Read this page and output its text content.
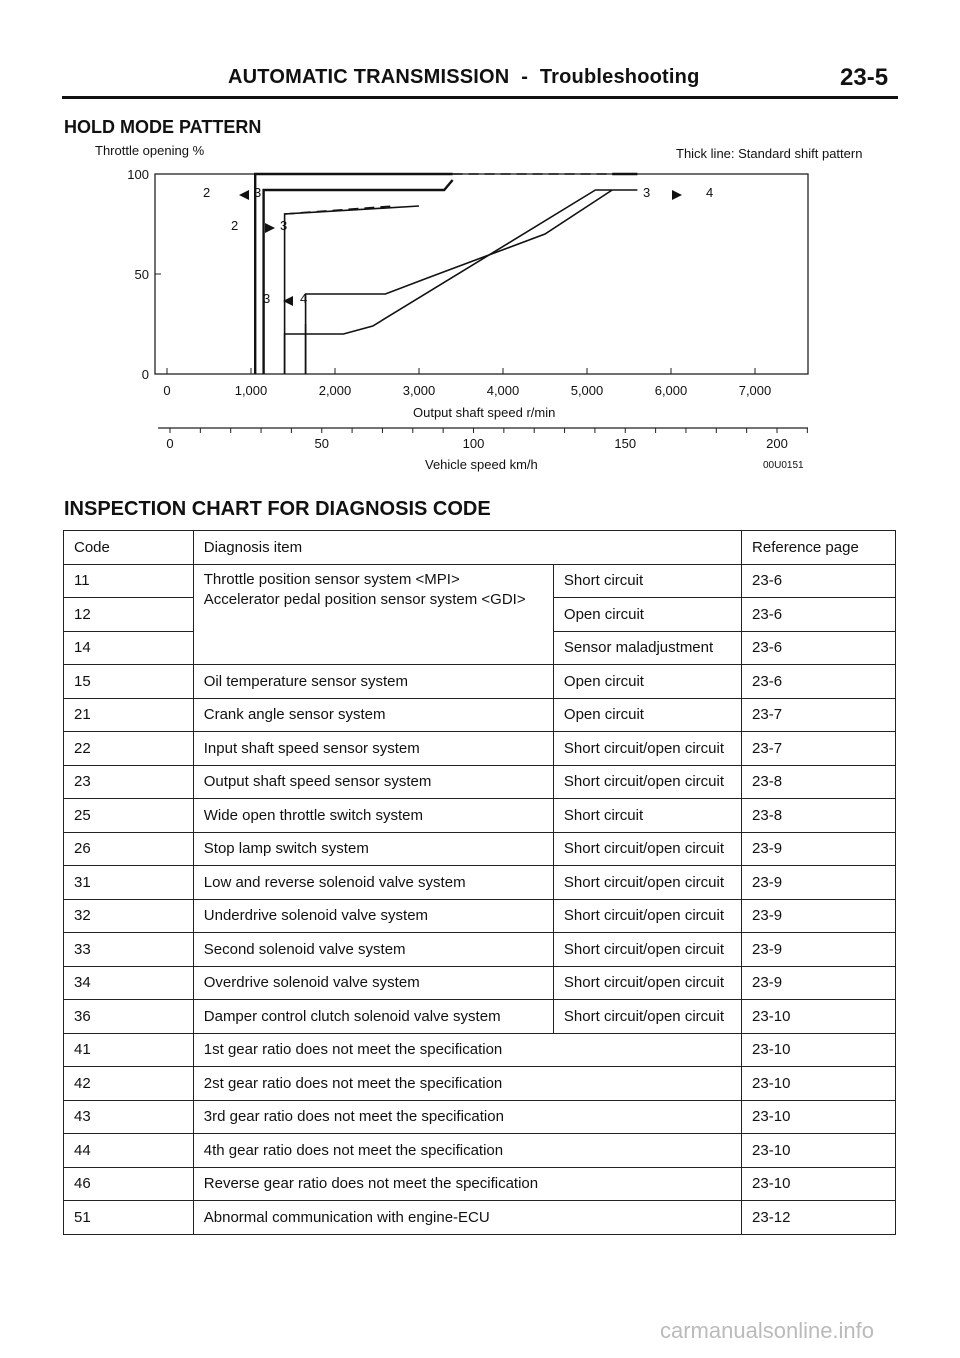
AUTOMATIC TRANSMISSION - Troubleshooting	23-5
HOLD MODE PATTERN
Throttle opening %	Thick line: Standard shift pattern
0	1,000	2,000	3,000	4,000	5,000	6,000	7,000
0
50
100
0	50	100	150	200
2	3
2	3
3 4
3	4
Output shaft speed r/min
Vehicle speed km/h	00U0151
INSPECTION CHART FOR DIAGNOSIS CODE
Code	Diagnosis item		Reference page
11	Throttle position sensor system <MPI>
Accelerator pedal position sensor system <GDI>	Short circuit	23-6
12		Open circuit	23-6
14		Sensor maladjustment	23-6
15	Oil temperature sensor system	Open circuit	23-6
21	Crank angle sensor system	Open circuit	23-7
22	Input shaft speed sensor system	Short circuit/open circuit	23-7
23	Output shaft speed sensor system	Short circuit/open circuit	23-8
25	Wide open throttle switch system	Short circuit	23-8
26	Stop lamp switch system	Short circuit/open circuit	23-9
31	Low and reverse solenoid valve system	Short circuit/open circuit	23-9
32	Underdrive solenoid valve system	Short circuit/open circuit	23-9
33	Second solenoid valve system	Short circuit/open circuit	23-9
34	Overdrive solenoid valve system	Short circuit/open circuit	23-9
36	Damper control clutch solenoid valve system	Short circuit/open circuit	23-10
41	1st gear ratio does not meet the specification		23-10
42	2st gear ratio does not meet the specification		23-10
43	3rd gear ratio does not meet the specification		23-10
44	4th gear ratio does not meet the specification		23-10
46	Reverse gear ratio does not meet the specification		23-10
51	Abnormal communication with engine-ECU		23-12
carmanualsonline.info
